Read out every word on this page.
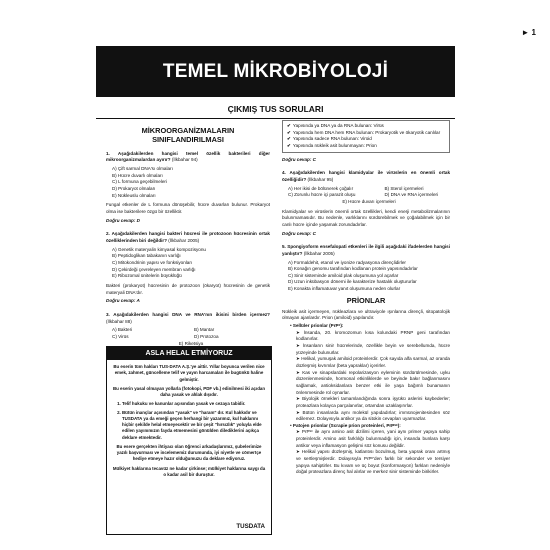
► 1
TEMEL MİKROBİYOLOJİ
ÇIKMIŞ TUS SORULARI
MİKROORGANİZMALARIN SINIFLANDIRILMASI

1. Aşağıdakilerden hangisi temel özellik bakterileri diğer mikroorganizmalardan ayırır? (İlkbahar 94)

A) Çift sarmal DNA'sı olmaları

B) Hücre duvarlı olmaları

C) L formuna geçebilmeleri

D) Prokaryot olmaları

E) Nükleuslu olmaları

Fungal etkenler de L formuna dönüşebilir, hücre duvarları bulunur. Prokaryot olma ise bakterilere özgü bir özelliktir.

Doğru cevap: D

2. Aşağıdakilerden hangisi bakteri hücresi ile protozoon hücresinin ortak özelliklerinden biri değildir? (İlkbahar 2005)

A) Genetik materyalin kimyasal kompozisyonu

B) Peptidoglikan tabakanın varlığı

C) Mitokondrinin yapısı ve fonksiyonları

D) Çekirdeği çevreleyen membran varlığı

E) Ribozomal ünitelerin büyüklüğü

Bakteri (prokaryot) hücresinin de protozoon (ökaryot) hücresinin de genetik materyali DNA'dır.

Doğru cevap: A

3. Aşağıdakilerden hangisi DNA ve RNA'nın ikisini birden içermez? (İlkbahar 88)

A) Bakteri	B) Mantar

C) Virüs	D) Protozoa

E) Riketsiya

ASLA HELAL ETMİYORUZ

Bu eserin tüm hakları TUS-DATA A.Ş.'ye aittir. Yıllar boyunca verilen nice emek, zahmet, güncelleme telif ve yayın harcamaları ile bugünkü haline gelmiştir.

Bu eserin yasal olmayan yollarla (fotokopi, PDF vb.) edinilmesi iki açıdan daha yasak ve ahlak dışıdır.

1. Telif hukuku ve kanunlar açısından yasak ve cezaya tabidir.
2. Bütün inançlar açısından "yasak" ve "haram" dır. Kul hakkıdır ve TUSDATA ya da emeği geçen herhangi bir yazarımız, kul haklarını hiçbir şekilde helal etmeyecektir ve bir çeşit "hırsızlık" yoluyla elde edilen yayınımızın fayda etmemesini gönülden dilediklerini açıkça deklare etmektedir.

Bu esere gerçekten ihtiyacı olan öğrenci arkadaşlarımız, şubelerimize yazılı başvurması ve incelememiz durumunda, iyi niyetle ve cömertçe hediye etmeye hazır olduğumuzu da deklare ediyoruz.

Mülkiyet haklarına tecavüz ne kadar çirkinse; mülkiyet haklarına saygı da o kadar asil bir duruştur.

TUSDATA
✔ Yapısında ya DNA ya da RNA bulunan: Virüs
✔ Yapısında hem DNA hem RNA bulunan: Prokaryotik ve ökaryotik canlılar
✔ Yapısında sadece RNA bulunan: Viroid
✔ Yapısında nükleik asit bulunmayan: Prion

Doğru cevap: C

4. Aşağıdakilerden hangisi klamidyalar ile virüslerin en önemli ortak özelliğidir? (İlkbahar 95)

A) Her ikisi de bölünerek çoğalır	B) Sterol içermeleri

C) Zorunlu hücre içi parazit oluşu	D) DNA ve RNA içermeleri

E) Hücre duvarı içermeleri

Klamidyalar ve virüslerin önemli ortak özellikleri, kendi enerji metabolizmalarının bulunmamasıdır. Bu nedenle, varlıklarını sürdürebilmek ve çoğalabilmek için bir canlı hücre içinde yaşamak zorundadırlar.

Doğru cevap: C

5. Spongiyoform ensefalopati etkenleri ile ilgili aşağıdaki ifadelerden hangisi yanlıştır? (İlkbahar 2005)

A) Formaldehit, etanol ve iyonize radyasyona dirençlidirler

B) Konağın genomu tarafından kodlanan protein yapısındadırlar

C) Sinir sisteminde amiloid plak oluşumuna yol açarlar

D) Uzun inkübasyon dönemi ile karakterize hastalık oluştururlar

E) Konakta inflamatuvar yanıt oluşumuna neden olurlar

PRİONLAR

Nükleik asit içermeyen, nükleazlara ve ultraviyole ışınlarına dirençli, sitopatolojik olmayan ajanlardır. Prion (amiloid) yapılarıdır.

• Sellüler prionlar (PrPᶜ):

➤ İnsanda, 20. kromozomun kısa kolundaki PRNP geni tarafından kodlanırlar.

➤ İnsanların sinir hücrelerinde, özellikle beyin ve serebellumda, hücre yüzeyinde bulunurlar.

➤ Helikal, yumuşak amiloid proteinlerdir. Çok sayıda alfa sarmal, az oranda düzleşmiş kıvrımlar (beta yapraklar) içerirler.

➤ Kas ve sinapslardaki repolarizasyon eyleminin sürdürülmesinde, uyku düzenlenmesinde, hormonal etkinliklerde ve beyinde bakır bağlanmasını sağlamak, antioksidanlara benzer etki ile yaşa bağımlı bunamanın önlenmesinde rol oynarlar.

➤ Biyolojik örnekleri tamamlandığında sonra işyükü aslerini kaybederler; proteazlara kolayca parçalanırlar, ortamdan uzaklaşırırlar.

➤ Bütün insanlarda aynı molekül yapıdadırlar; immünojenitesinden söz edilemez. Dolayısıyla antikor ya da sitokin cevapları uyarmazlar.

• Patojen prionlar (Scrapie prion proteinleri, PrPˢᶜ):

➤ PrPˢᶜ ile aynı amino asit dizilimi içeren, yani aynı primer yapıya sahip proteinlerdir. Amino asit farklılığı bulunmadığı için, insanda bunlara karşı antikor veya inflamasyon gelişimi söz konusu değildir.

➤ Helikal yapısı düzleşmiş, katlantısı bozulmuş, beta yaprak oranı artmış ve sertleşmişlerdir. Dolayısıyla PrPᶜ'den farklı bir sekonder ve tersiyer yapıya sahiptirler. Bu kıvam ve üç boyut (konformasyon) farkları nedeniyle doğal proteazlara direnç hal alırlar ve merkez sinir sisteminde birikirler.
